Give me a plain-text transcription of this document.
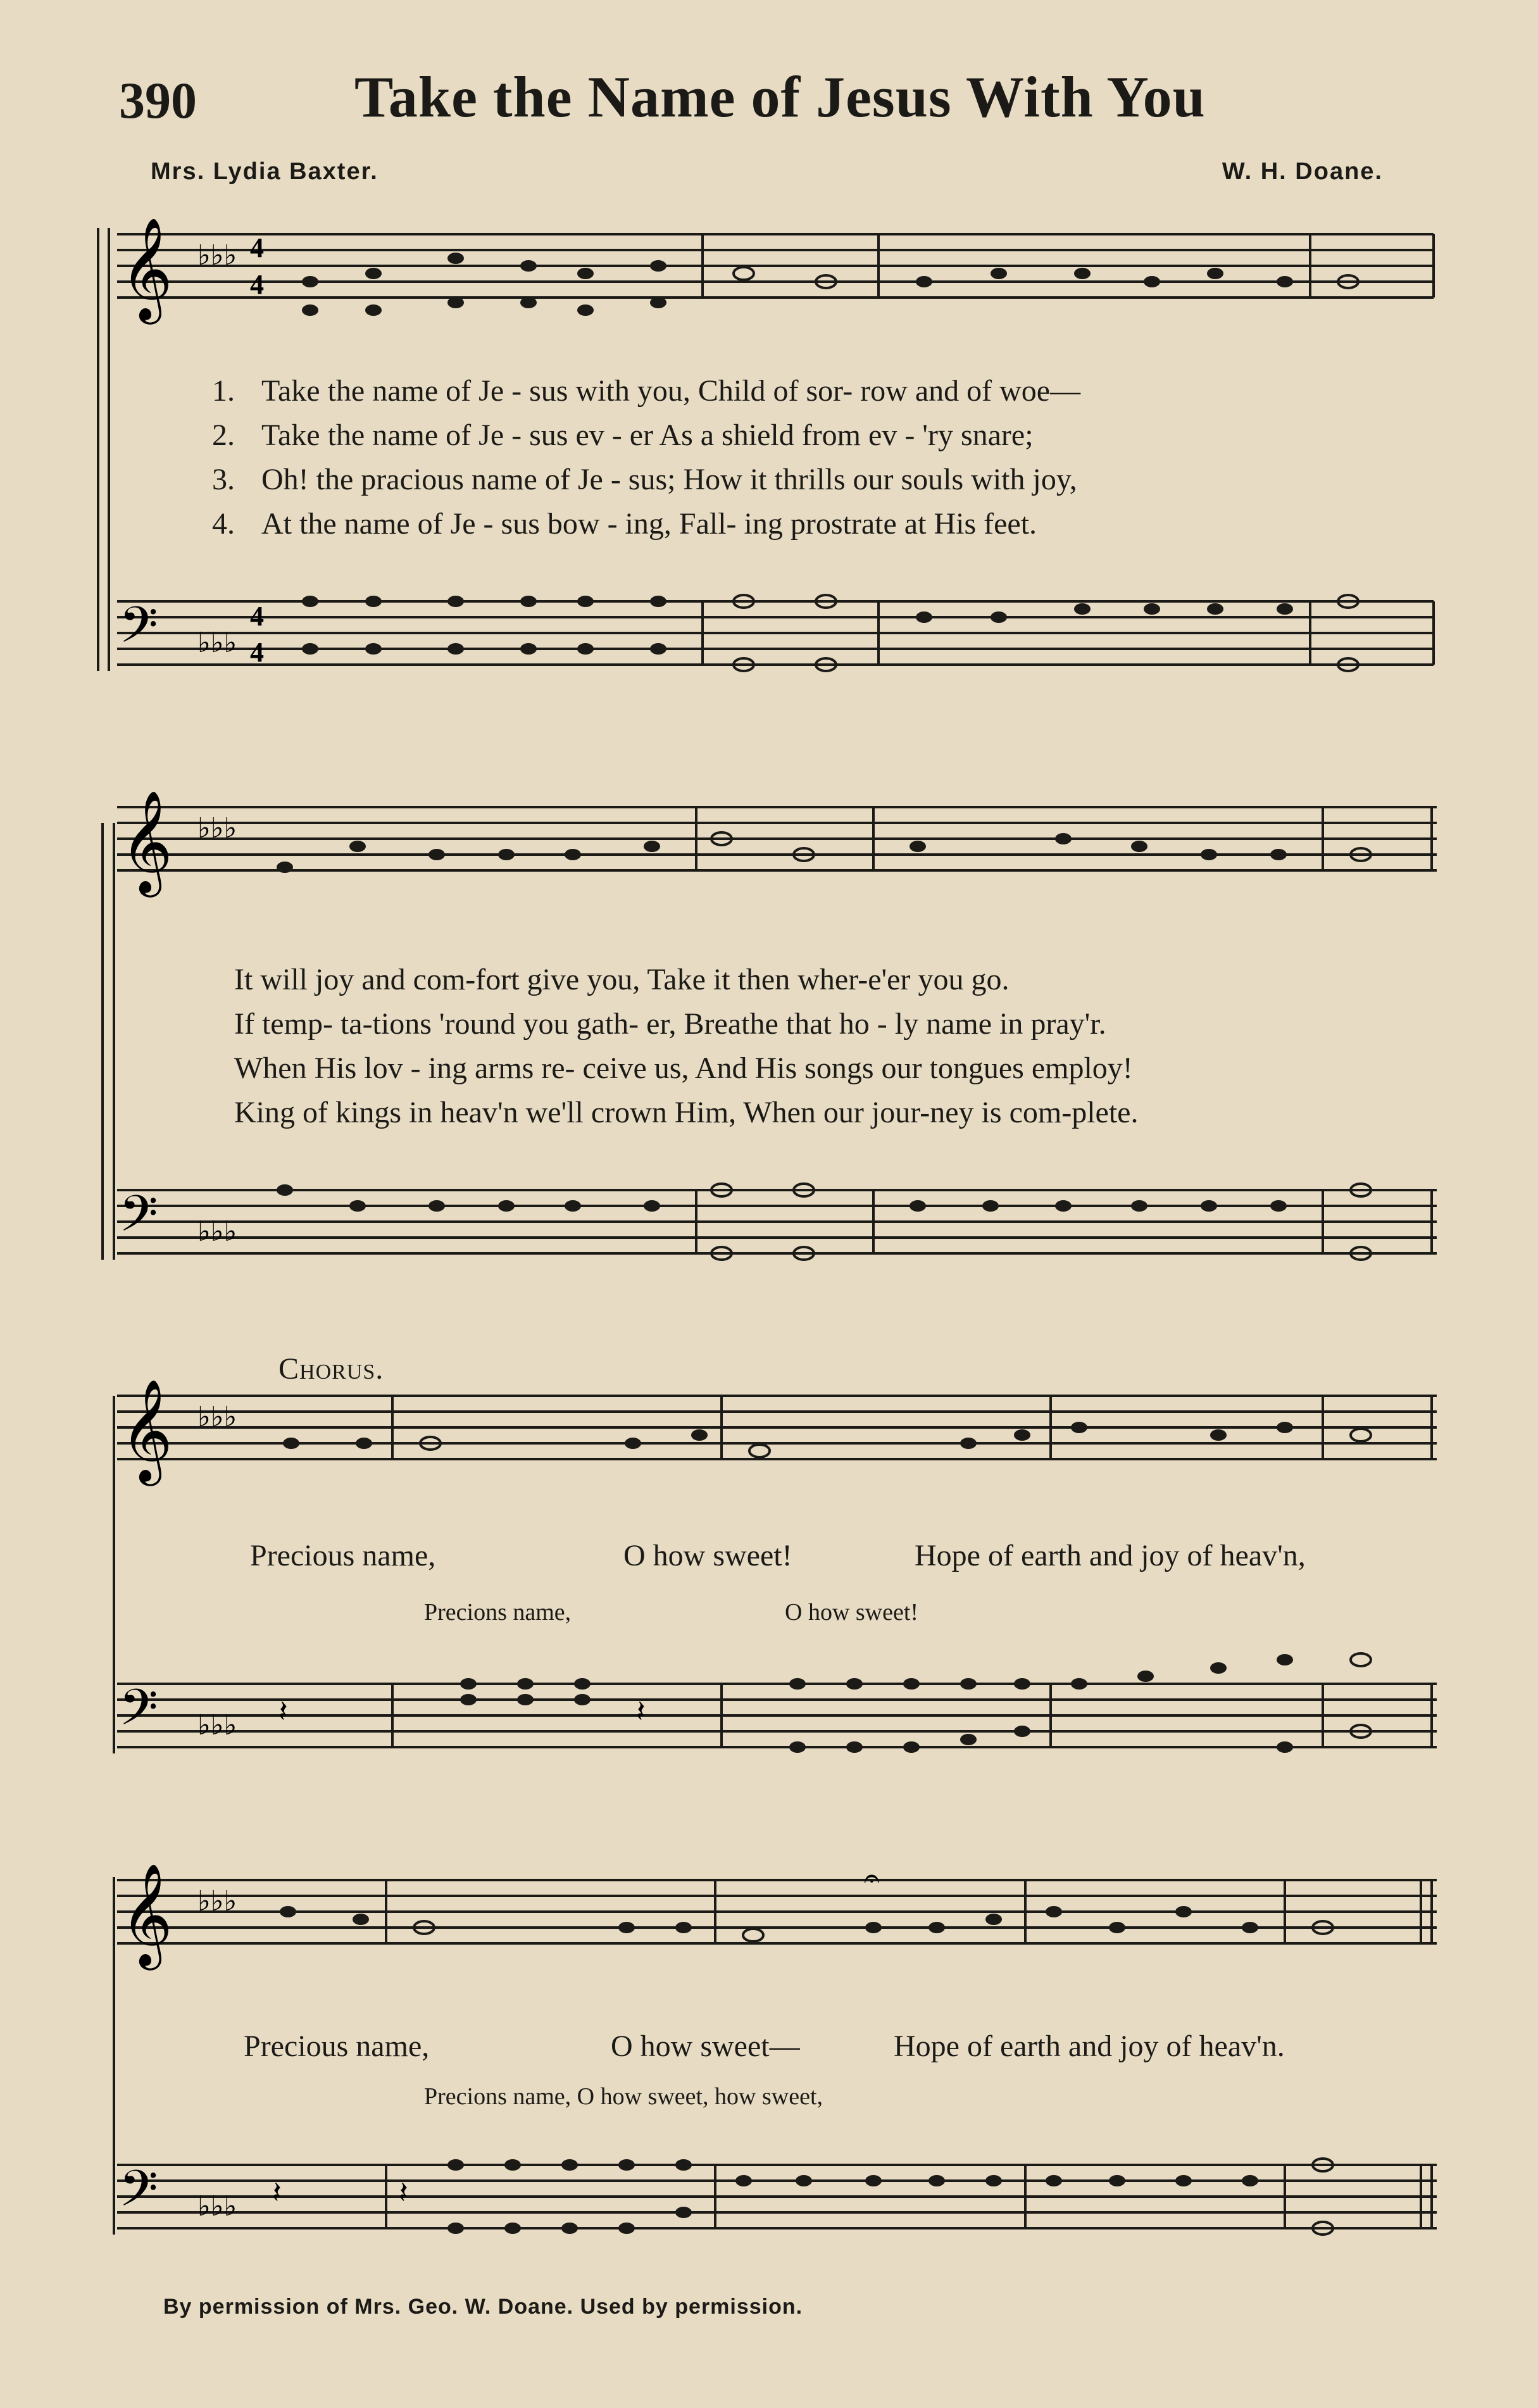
390	Take the Name of Jesus With You
Mrs. Lydia Baxter.	W. H. Doane.
𝄞 ♭♭♭ 4
4
1. Take the name of Je - sus with you, Child of sor- row and of woe—
2. Take the name of Je - sus ev - er As a shield from ev - 'ry snare;
3. Oh! the pracious name of Je - sus; How it thrills our souls with joy,
4. At the name of Je - sus bow - ing, Fall- ing prostrate at His feet.
𝄢 ♭♭♭
4
4
𝄞 ♭♭♭
It will joy and com-fort give you, Take it then wher-e'er you go.
If temp- ta-tions 'round you gath- er, Breathe that ho - ly name in pray'r.
When His lov - ing arms re- ceive us, And His songs our tongues employ!
King of kings in heav'n we'll crown Him, When our jour-ney is com-plete.
𝄢 ♭♭♭
Chorus.
𝄞 ♭♭♭
Precious name,	O how sweet!	Hope of earth and joy of heav'n,
Precions name,	O how sweet!
𝄢 ♭♭♭ 𝄽	𝄽
𝄞 ♭♭♭
𝄐
Precious name,	O how sweet—	Hope of earth and joy of heav'n.
Precions name, O how sweet, how sweet,
𝄢 ♭♭♭ 𝄽	𝄽
By permission of Mrs. Geo. W. Doane. Used by permission.
